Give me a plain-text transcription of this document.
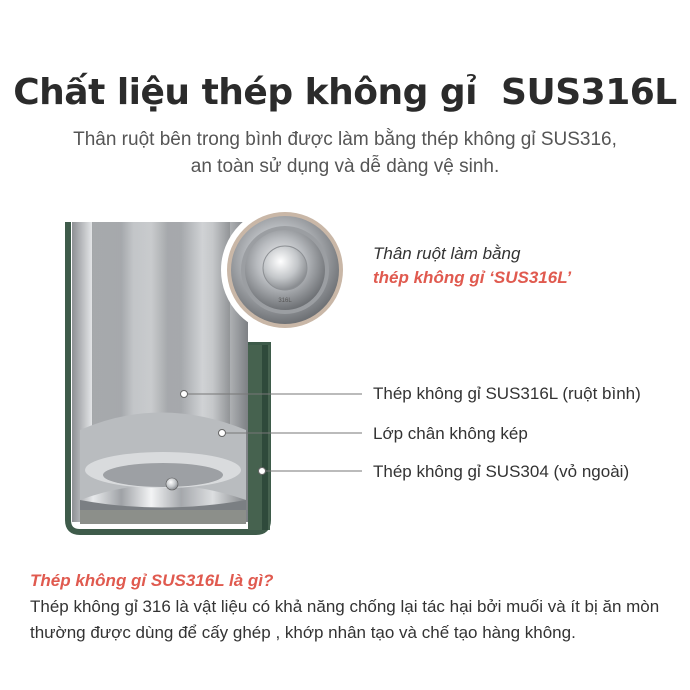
Chất liệu thép không gỉ  SUS316L
Thân ruột bên trong bình được làm bằng thép không gỉ SUS316,
an toàn sử dụng và dễ dàng vệ sinh.
316L
Thân ruột làm bằng
thép không gỉ ‘SUS316L’
Thép không gỉ SUS316L (ruột bình)
Lớp chân không kép
Thép không gỉ SUS304 (vỏ ngoài)
Thép không gỉ SUS316L là gì?
Thép không gỉ 316 là vật liệu có khả năng chống lại tác hại bởi muối và ít bị ăn mòn
thường được dùng để cấy ghép , khớp nhân tạo và chế tạo hàng không.
